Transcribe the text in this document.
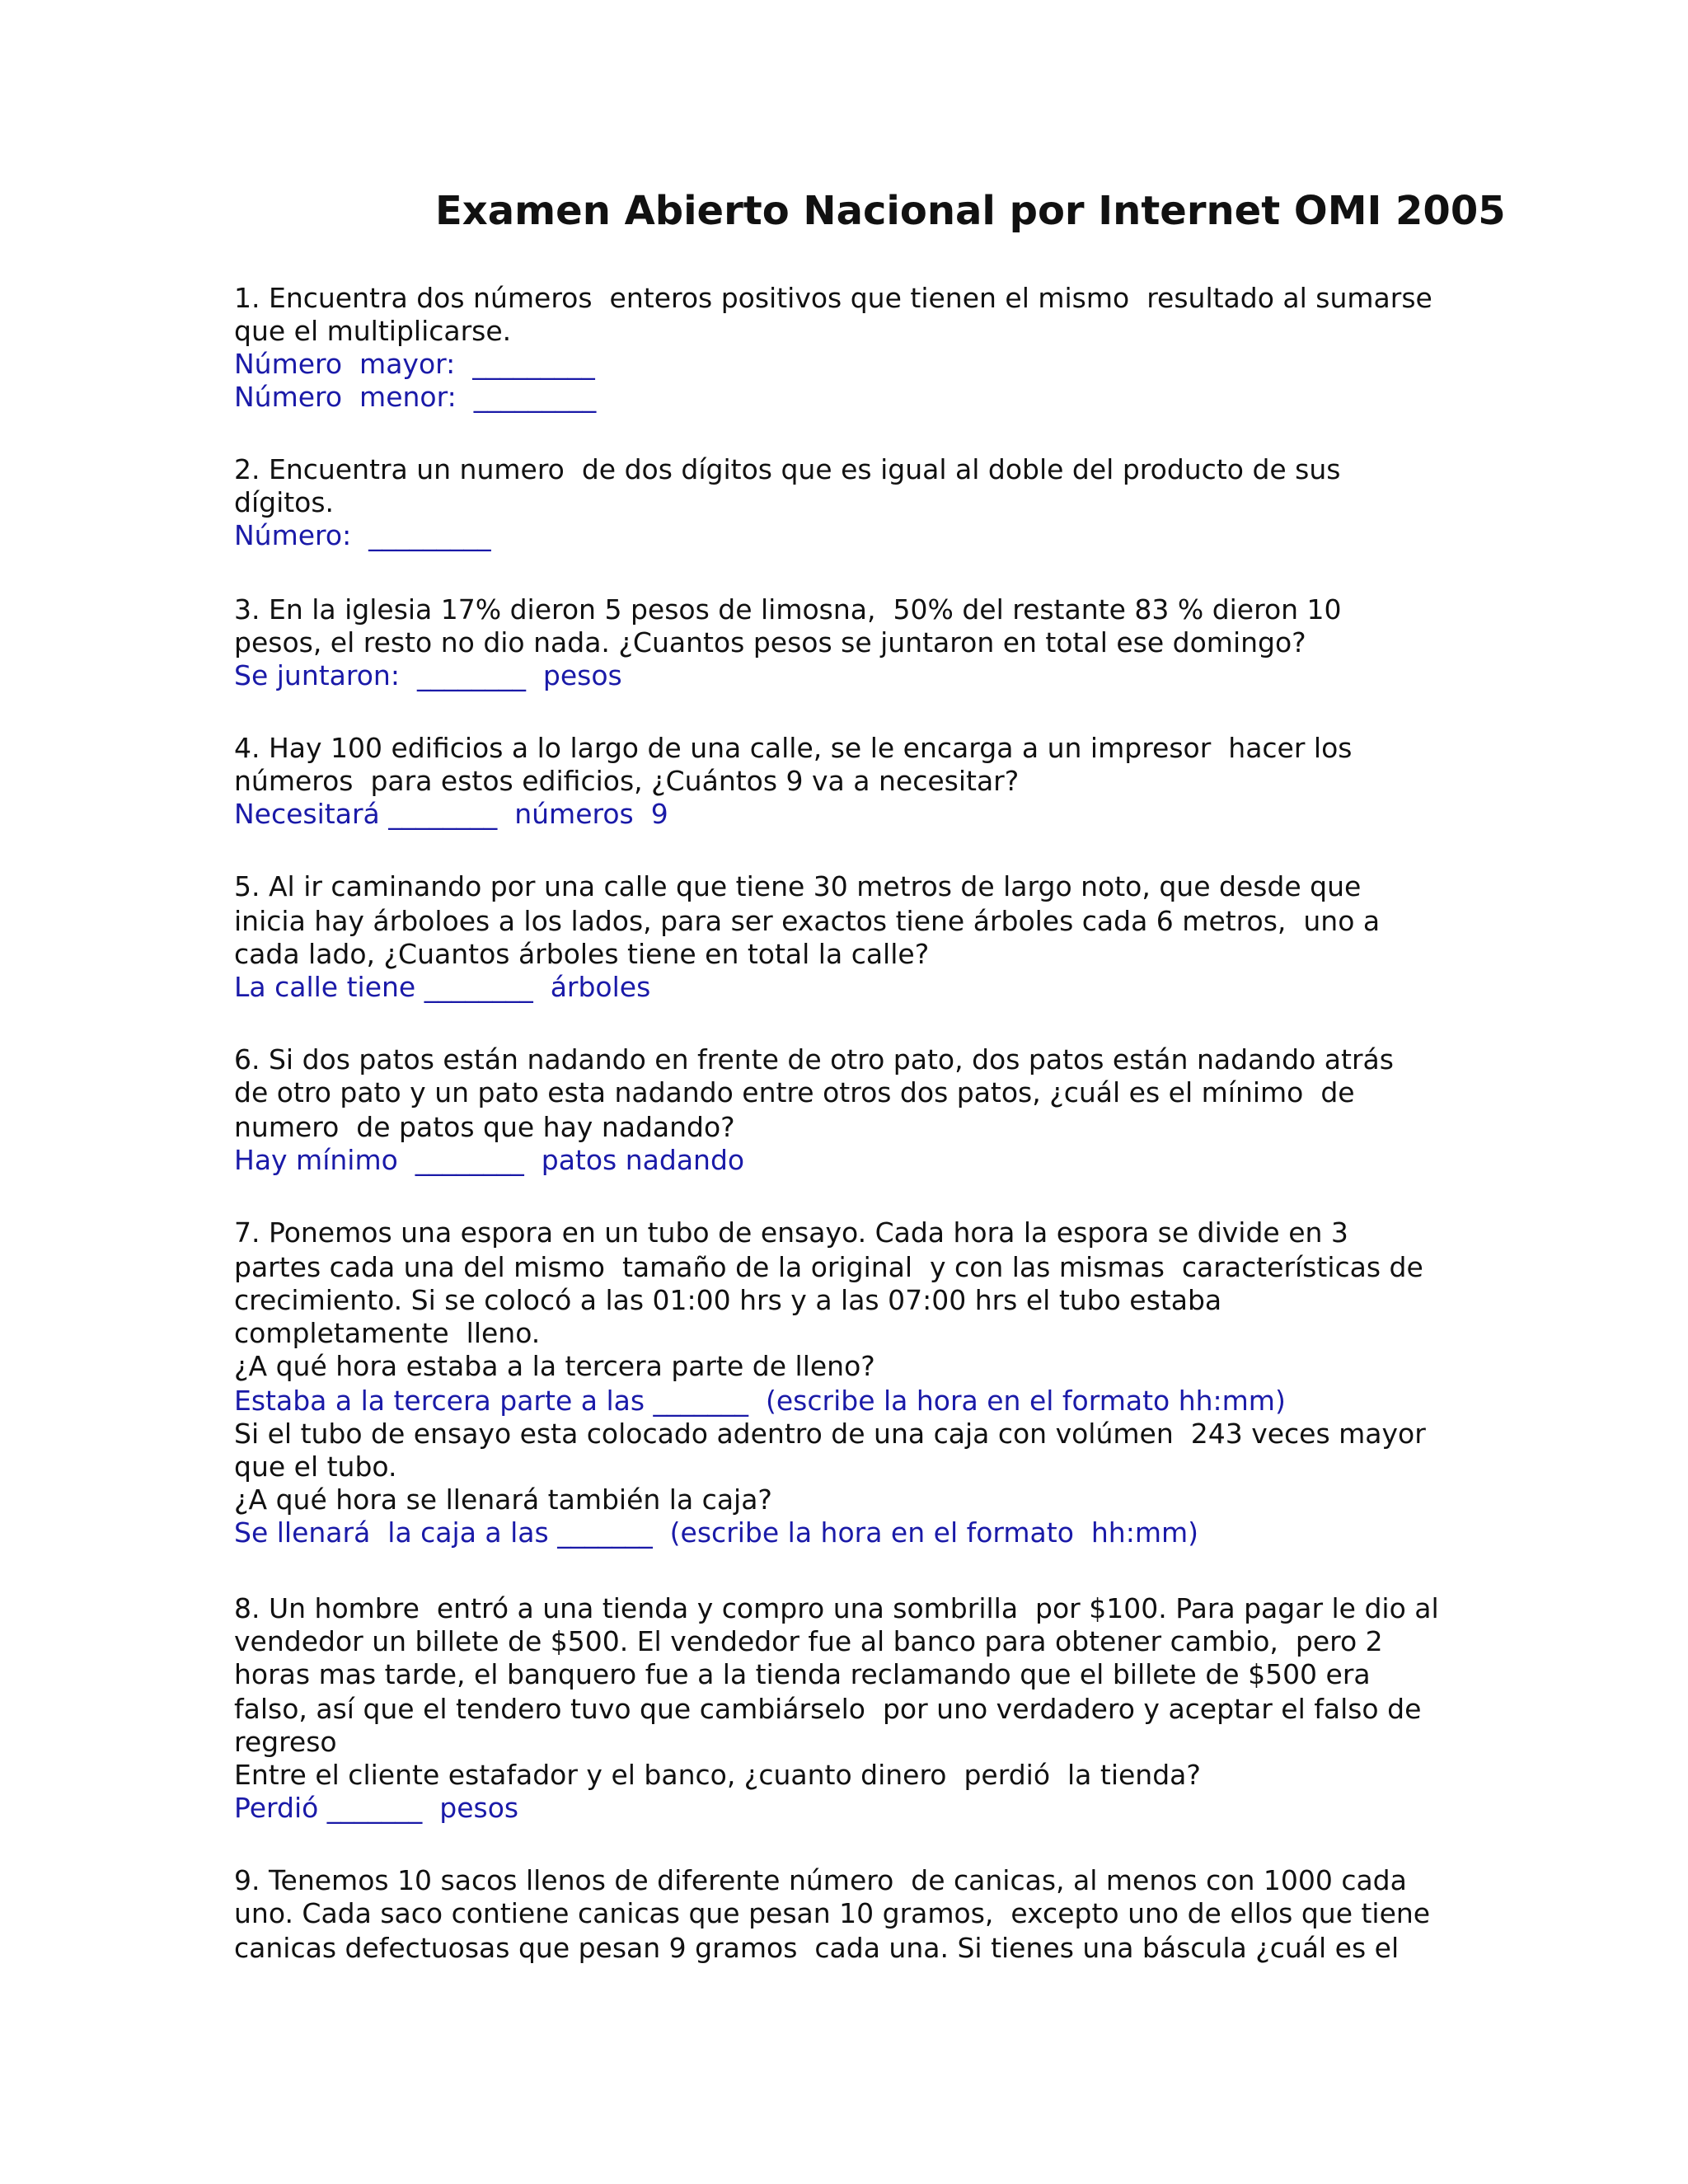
Examen Abierto Nacional por Internet OMI 2005
1. Encuentra dos números  enteros positivos que tienen el mismo  resultado al sumarse
que el multiplicarse.
Número  mayor:  _________
Número  menor:  _________
2. Encuentra un numero  de dos dígitos que es igual al doble del producto de sus
dígitos.
Número:  _________
3. En la iglesia 17% dieron 5 pesos de limosna,  50% del restante 83 % dieron 10
pesos, el resto no dio nada. ¿Cuantos pesos se juntaron en total ese domingo?
Se juntaron:  ________  pesos
4. Hay 100 edificios a lo largo de una calle, se le encarga a un impresor  hacer los
números  para estos edificios, ¿Cuántos 9 va a necesitar?
Necesitará ________  números  9
5. Al ir caminando por una calle que tiene 30 metros de largo noto, que desde que
inicia hay árboloes a los lados, para ser exactos tiene árboles cada 6 metros,  uno a
cada lado, ¿Cuantos árboles tiene en total la calle?
La calle tiene ________  árboles
6. Si dos patos están nadando en frente de otro pato, dos patos están nadando atrás
de otro pato y un pato esta nadando entre otros dos patos, ¿cuál es el mínimo  de
numero  de patos que hay nadando?
Hay mínimo  ________  patos nadando
7. Ponemos una espora en un tubo de ensayo. Cada hora la espora se divide en 3
partes cada una del mismo  tamaño de la original  y con las mismas  características de
crecimiento. Si se colocó a las 01:00 hrs y a las 07:00 hrs el tubo estaba
completamente  lleno.
¿A qué hora estaba a la tercera parte de lleno?
Estaba a la tercera parte a las _______  (escribe la hora en el formato hh:mm)
Si el tubo de ensayo esta colocado adentro de una caja con volúmen  243 veces mayor
que el tubo.
¿A qué hora se llenará también la caja?
Se llenará  la caja a las _______  (escribe la hora en el formato  hh:mm)
8. Un hombre  entró a una tienda y compro una sombrilla  por $100. Para pagar le dio al
vendedor un billete de $500. El vendedor fue al banco para obtener cambio,  pero 2
horas mas tarde, el banquero fue a la tienda reclamando que el billete de $500 era
falso, así que el tendero tuvo que cambiárselo  por uno verdadero y aceptar el falso de
regreso
Entre el cliente estafador y el banco, ¿cuanto dinero  perdió  la tienda?
Perdió _______  pesos
9. Tenemos 10 sacos llenos de diferente número  de canicas, al menos con 1000 cada
uno. Cada saco contiene canicas que pesan 10 gramos,  excepto uno de ellos que tiene
canicas defectuosas que pesan 9 gramos  cada una. Si tienes una báscula ¿cuál es el
